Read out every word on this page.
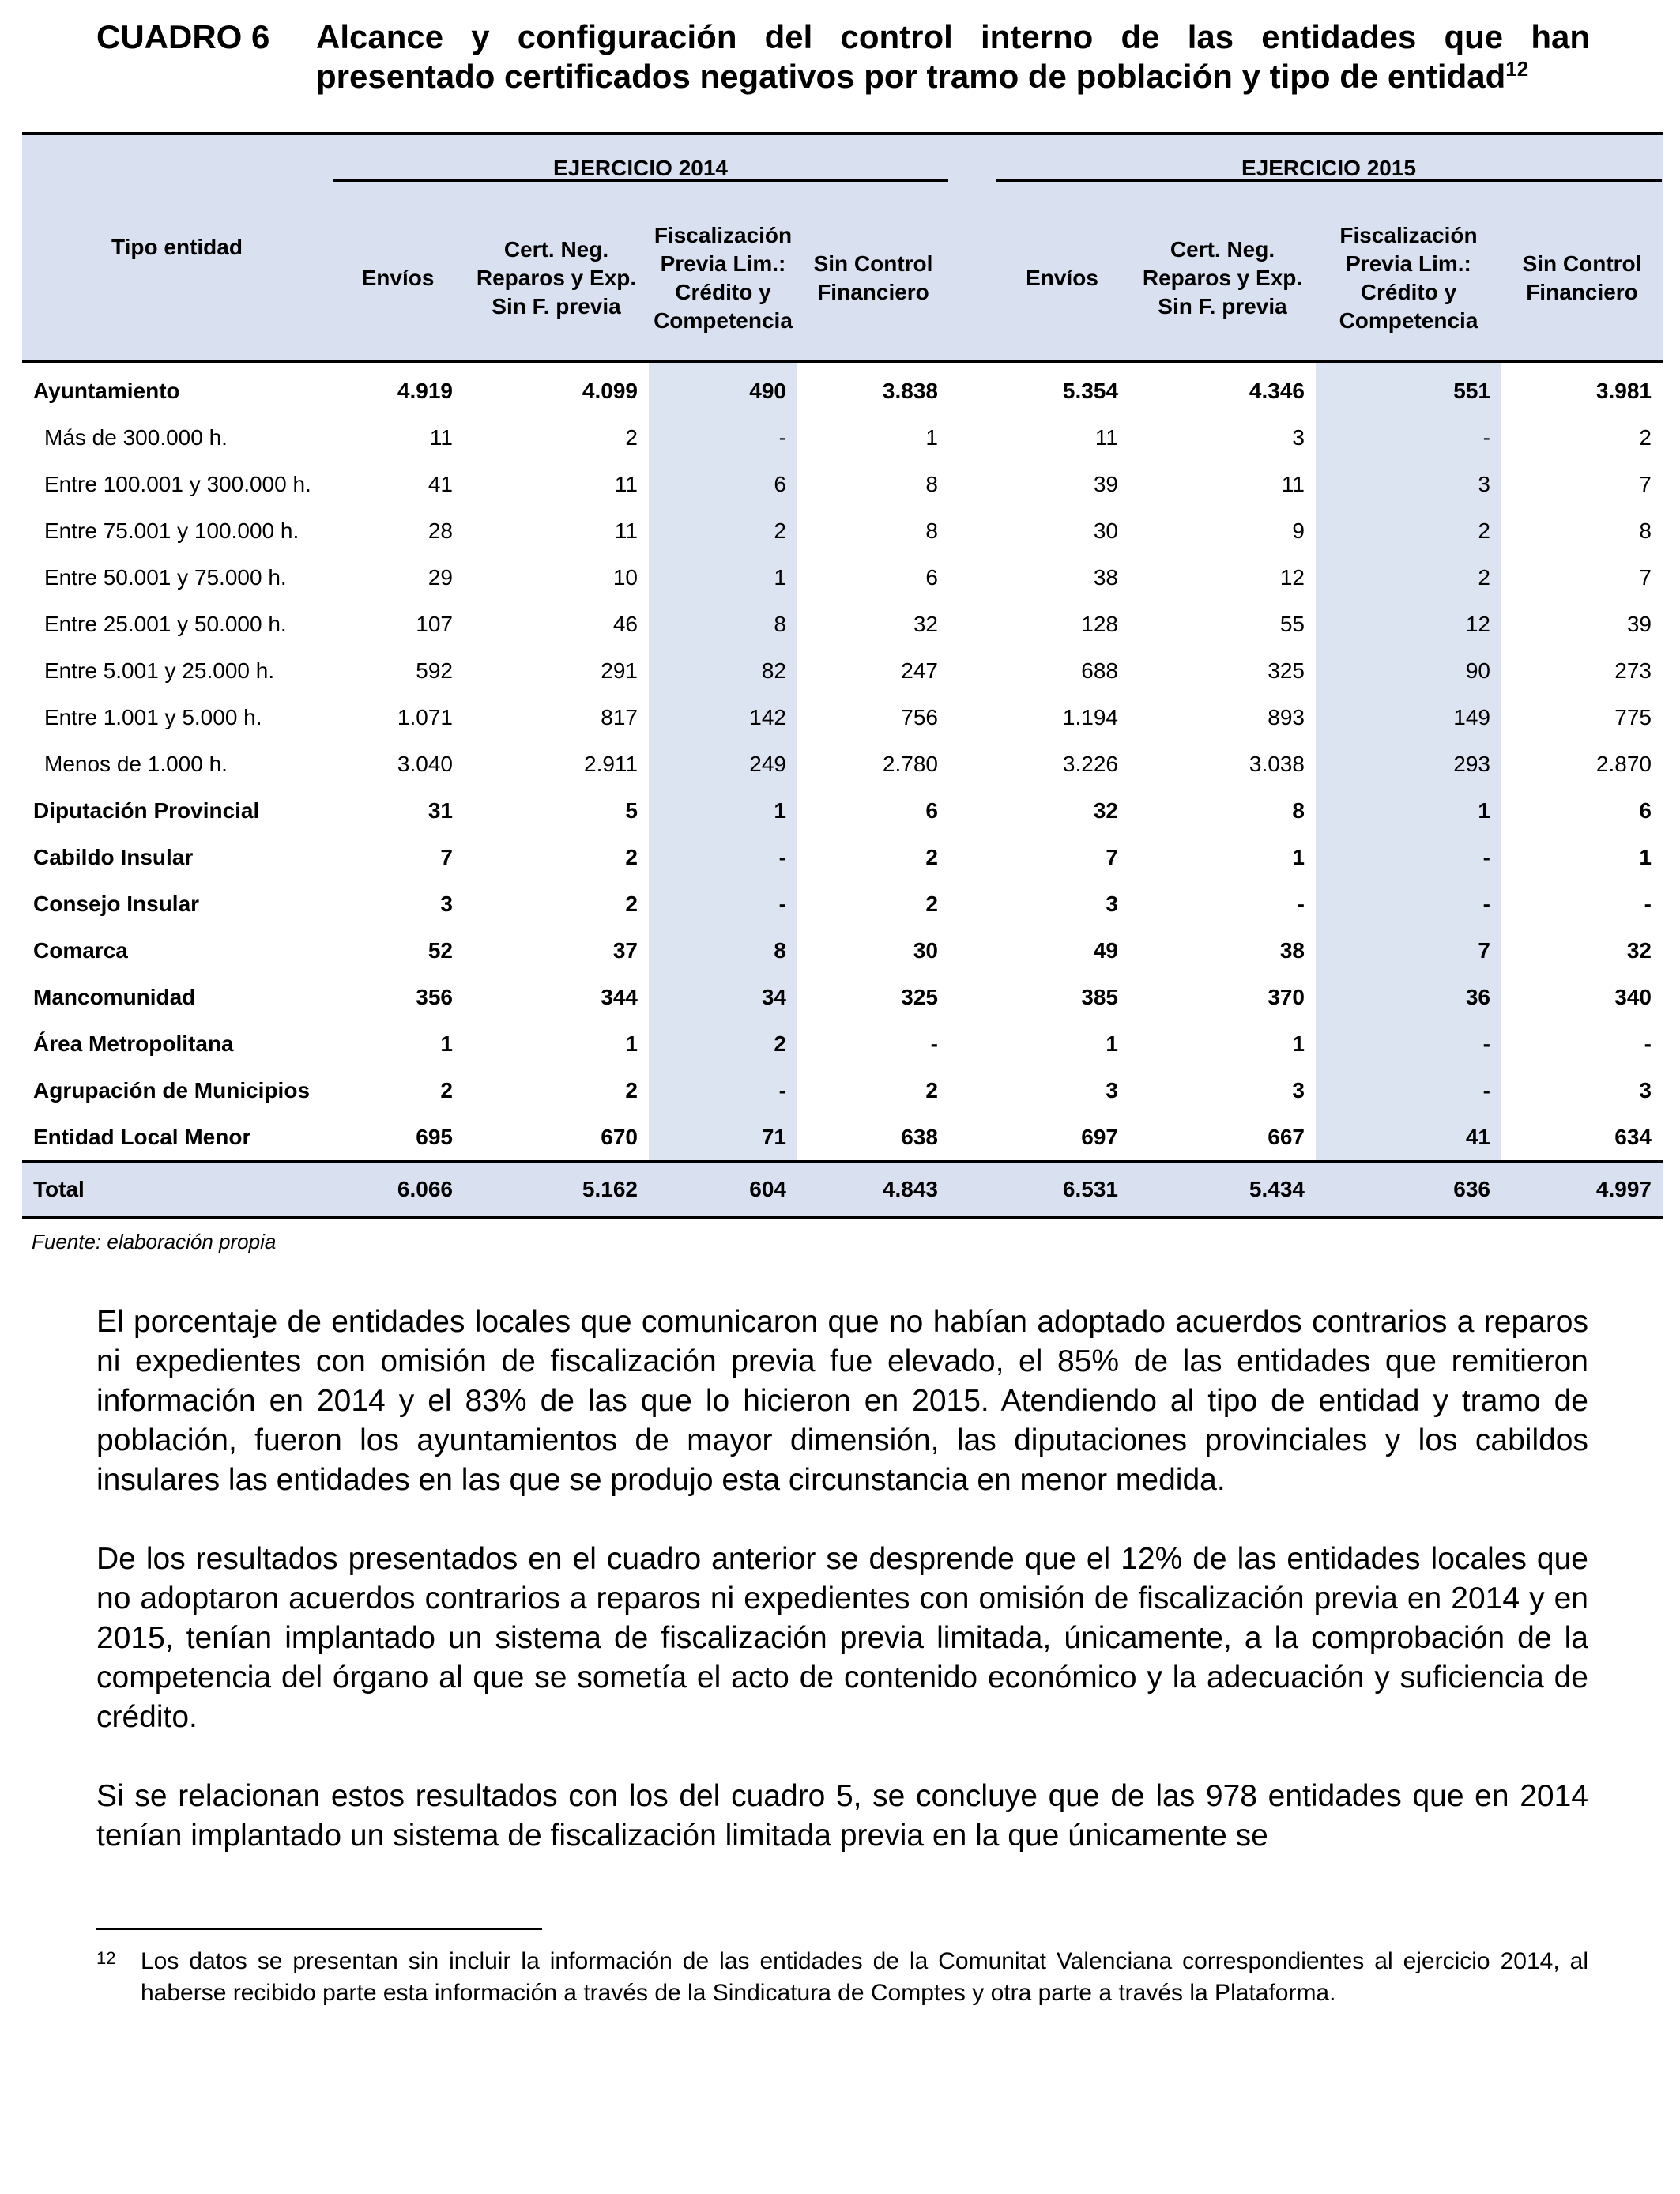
CUADRO 6 Alcance y configuración del control interno de las entidades que han presentado certificados negativos por tramo de población y tipo de entidad$^{12}$
Tipo entidad	EJERCICIO 2014					EJERCICIO 2015			

	Envíos	Cert. Neg.
Reparos y Exp.
Sin F. previa	Fiscalización
Previa Lim.:
Crédito y
Competencia	Sin Control
Financiero		Envíos	Cert. Neg.
Reparos y Exp.
Sin F. previa	Fiscalización
Previa Lim.:
Crédito y
Competencia	Sin Control
Financiero
Ayuntamiento	4.919	4.099	490	3.838		5.354	4.346	551	3.981
Más de 300.000 h.	11	2	-	1		11	3	-	2
Entre 100.001 y 300.000 h.	41	11	6	8		39	11	3	7
Entre 75.001 y 100.000 h.	28	11	2	8		30	9	2	8
Entre 50.001 y 75.000 h.	29	10	1	6		38	12	2	7
Entre 25.001 y 50.000 h.	107	46	8	32		128	55	12	39
Entre 5.001 y 25.000 h.	592	291	82	247		688	325	90	273
Entre 1.001 y 5.000 h.	1.071	817	142	756		1.194	893	149	775
Menos de 1.000 h.	3.040	2.911	249	2.780		3.226	3.038	293	2.870
Diputación Provincial	31	5	1	6		32	8	1	6
Cabildo Insular	7	2	-	2		7	1	-	1
Consejo Insular	3	2	-	2		3	-	-	-
Comarca	52	37	8	30		49	38	7	32
Mancomunidad	356	344	34	325		385	370	36	340
Área Metropolitana	1	1	2	-		1	1	-	-
Agrupación de Municipios	2	2	-	2		3	3	-	3
Entidad Local Menor	695	670	71	638		697	667	41	634
Total	6.066	5.162	604	4.843		6.531	5.434	636	4.997
Fuente: elaboración propia

El porcentaje de entidades locales que comunicaron que no habían adoptado acuerdos contrarios a reparos ni expedientes con omisión de fiscalización previa fue elevado, el 85% de las entidades que remitieron información en 2014 y el 83% de las que lo hicieron en 2015. Atendiendo al tipo de entidad y tramo de población, fueron los ayuntamientos de mayor dimensión, las diputaciones provinciales y los cabildos insulares las entidades en las que se produjo esta circunstancia en menor medida.

De los resultados presentados en el cuadro anterior se desprende que el 12% de las entidades locales que no adoptaron acuerdos contrarios a reparos ni expedientes con omisión de fiscalización previa en 2014 y en 2015, tenían implantado un sistema de fiscalización previa limitada, únicamente, a la comprobación de la competencia del órgano al que se sometía el acto de contenido económico y la adecuación y suficiencia de crédito.

Si se relacionan estos resultados con los del cuadro 5, se concluye que de las 978 entidades que en 2014 tenían implantado un sistema de fiscalización limitada previa en la que únicamente se

12 Los datos se presentan sin incluir la información de las entidades de la Comunitat Valenciana correspondientes al ejercicio 2014, al haberse recibido parte esta información a través de la Sindicatura de Comptes y otra parte a través la Plataforma.
